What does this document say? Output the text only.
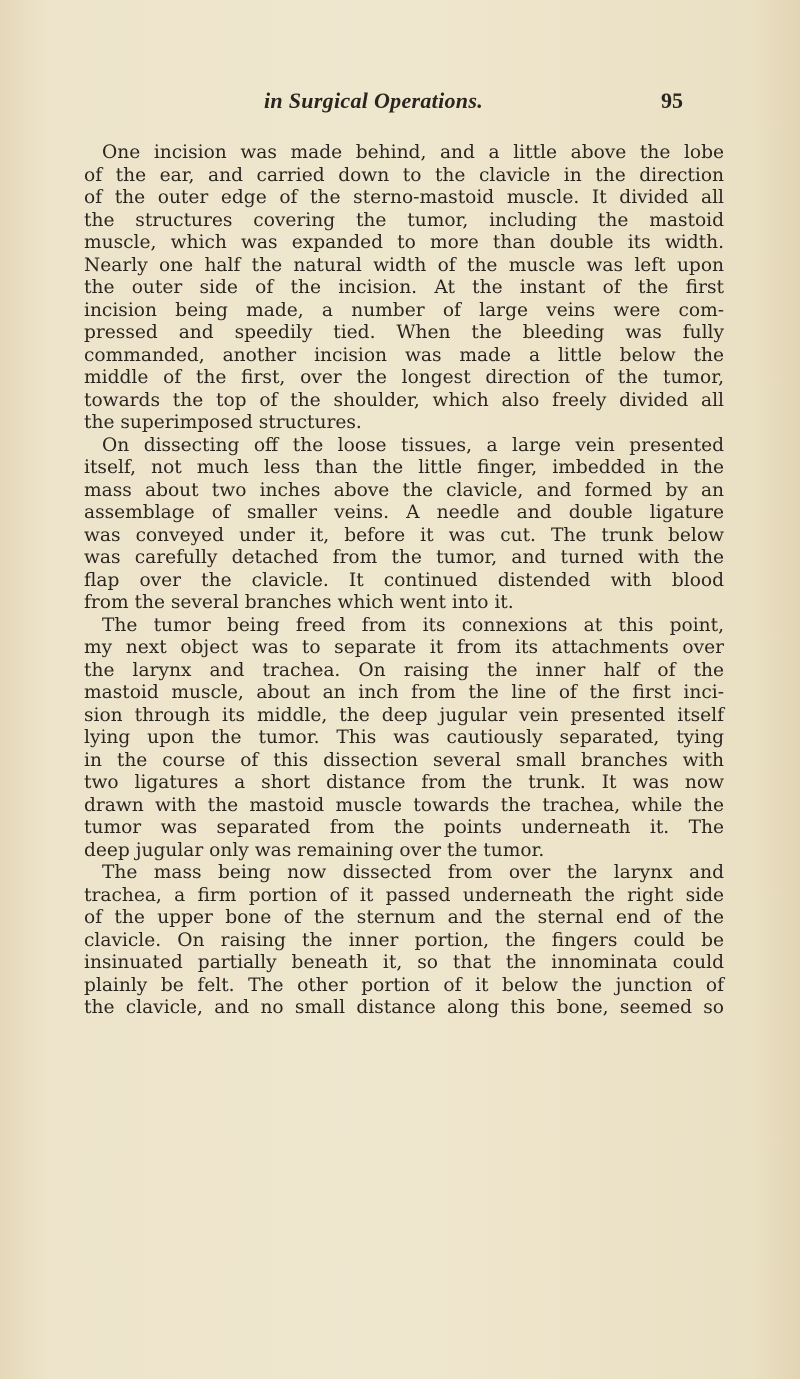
in Surgical Operations.	95
One incision was made behind, and a little above the lobe
of the ear, and carried down to the clavicle in the direction
of the outer edge of the sterno-mastoid muscle. It divided all
the structures covering the tumor, including the mastoid
muscle, which was expanded to more than double its width.
Nearly one half the natural width of the muscle was left upon
the outer side of the incision. At the instant of the first
incision being made, a number of large veins were com-
pressed and speedily tied. When the bleeding was fully
commanded, another incision was made a little below the
middle of the first, over the longest direction of the tumor,
towards the top of the shoulder, which also freely divided all
the superimposed structures.
On dissecting off the loose tissues, a large vein presented
itself, not much less than the little finger, imbedded in the
mass about two inches above the clavicle, and formed by an
assemblage of smaller veins. A needle and double ligature
was conveyed under it, before it was cut. The trunk below
was carefully detached from the tumor, and turned with the
flap over the clavicle. It continued distended with blood
from the several branches which went into it.
The tumor being freed from its connexions at this point,
my next object was to separate it from its attachments over
the larynx and trachea. On raising the inner half of the
mastoid muscle, about an inch from the line of the first inci-
sion through its middle, the deep jugular vein presented itself
lying upon the tumor. This was cautiously separated, tying
in the course of this dissection several small branches with
two ligatures a short distance from the trunk. It was now
drawn with the mastoid muscle towards the trachea, while the
tumor was separated from the points underneath it. The
deep jugular only was remaining over the tumor.
The mass being now dissected from over the larynx and
trachea, a firm portion of it passed underneath the right side
of the upper bone of the sternum and the sternal end of the
clavicle. On raising the inner portion, the fingers could be
insinuated partially beneath it, so that the innominata could
plainly be felt. The other portion of it below the junction of
the clavicle, and no small distance along this bone, seemed so
